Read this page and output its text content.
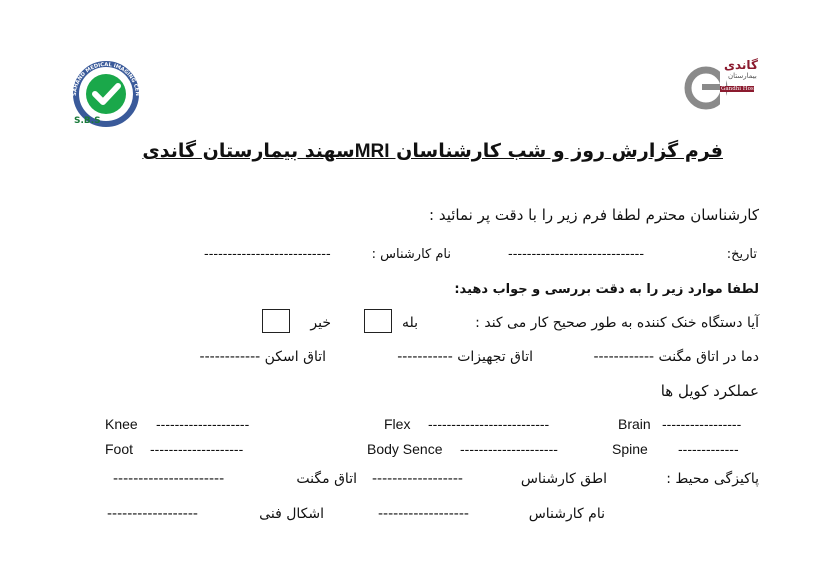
SAHAND MEDICAL IMAGING CEN
S.B.S
گاندی
بیمارستان
Gandhi Hospital
فرم گزارش روز و شب کارشناسان MRIسهند بیمارستان گاندی
کارشناسان محترم لطفا فرم زیر را با دقت پر نمائید :
تاریخ:
-----------------------------
نام کارشناس :
---------------------------
لطفا موارد زیر را به دقت بررسی و جواب دهید:
آیا دستگاه خنک کننده به طور صحیح کار می کند :
بله
خیر
دما در اتاق مگنت ------------
اتاق تجهیزات -----------
اتاق اسکن ------------
عملکرد کویل ها
Knee --------------------	Flex --------------------------	Brain -----------------
Foot --------------------	Body Sence ---------------------	Spine -------------
پاکیزگی محیط :
اطق کارشناس
------------------
اتاق مگنت
----------------------
نام کارشناس
------------------
اشکال فنی
------------------
